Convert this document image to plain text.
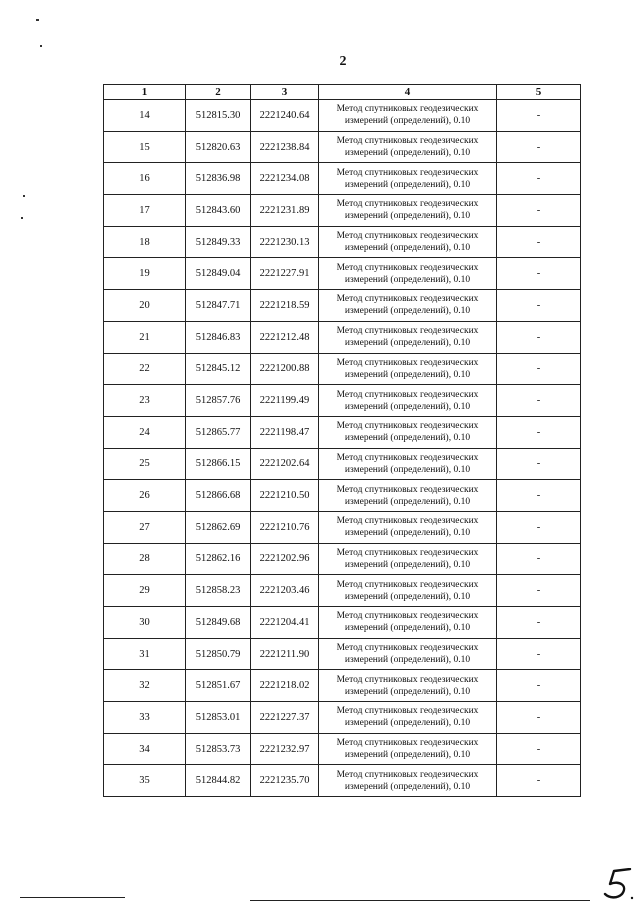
2
1	2	3	4	5
14	512815.30	2221240.64	Метод спутниковых геодезических
измерений (определений), 0.10	-
15	512820.63	2221238.84	Метод спутниковых геодезических
измерений (определений), 0.10	-
16	512836.98	2221234.08	Метод спутниковых геодезических
измерений (определений), 0.10	-
17	512843.60	2221231.89	Метод спутниковых геодезических
измерений (определений), 0.10	-
18	512849.33	2221230.13	Метод спутниковых геодезических
измерений (определений), 0.10	-
19	512849.04	2221227.91	Метод спутниковых геодезических
измерений (определений), 0.10	-
20	512847.71	2221218.59	Метод спутниковых геодезических
измерений (определений), 0.10	-
21	512846.83	2221212.48	Метод спутниковых геодезических
измерений (определений), 0.10	-
22	512845.12	2221200.88	Метод спутниковых геодезических
измерений (определений), 0.10	-
23	512857.76	2221199.49	Метод спутниковых геодезических
измерений (определений), 0.10	-
24	512865.77	2221198.47	Метод спутниковых геодезических
измерений (определений), 0.10	-
25	512866.15	2221202.64	Метод спутниковых геодезических
измерений (определений), 0.10	-
26	512866.68	2221210.50	Метод спутниковых геодезических
измерений (определений), 0.10	-
27	512862.69	2221210.76	Метод спутниковых геодезических
измерений (определений), 0.10	-
28	512862.16	2221202.96	Метод спутниковых геодезических
измерений (определений), 0.10	-
29	512858.23	2221203.46	Метод спутниковых геодезических
измерений (определений), 0.10	-
30	512849.68	2221204.41	Метод спутниковых геодезических
измерений (определений), 0.10	-
31	512850.79	2221211.90	Метод спутниковых геодезических
измерений (определений), 0.10	-
32	512851.67	2221218.02	Метод спутниковых геодезических
измерений (определений), 0.10	-
33	512853.01	2221227.37	Метод спутниковых геодезических
измерений (определений), 0.10	-
34	512853.73	2221232.97	Метод спутниковых геодезических
измерений (определений), 0.10	-
35	512844.82	2221235.70	Метод спутниковых геодезических
измерений (определений), 0.10	-
